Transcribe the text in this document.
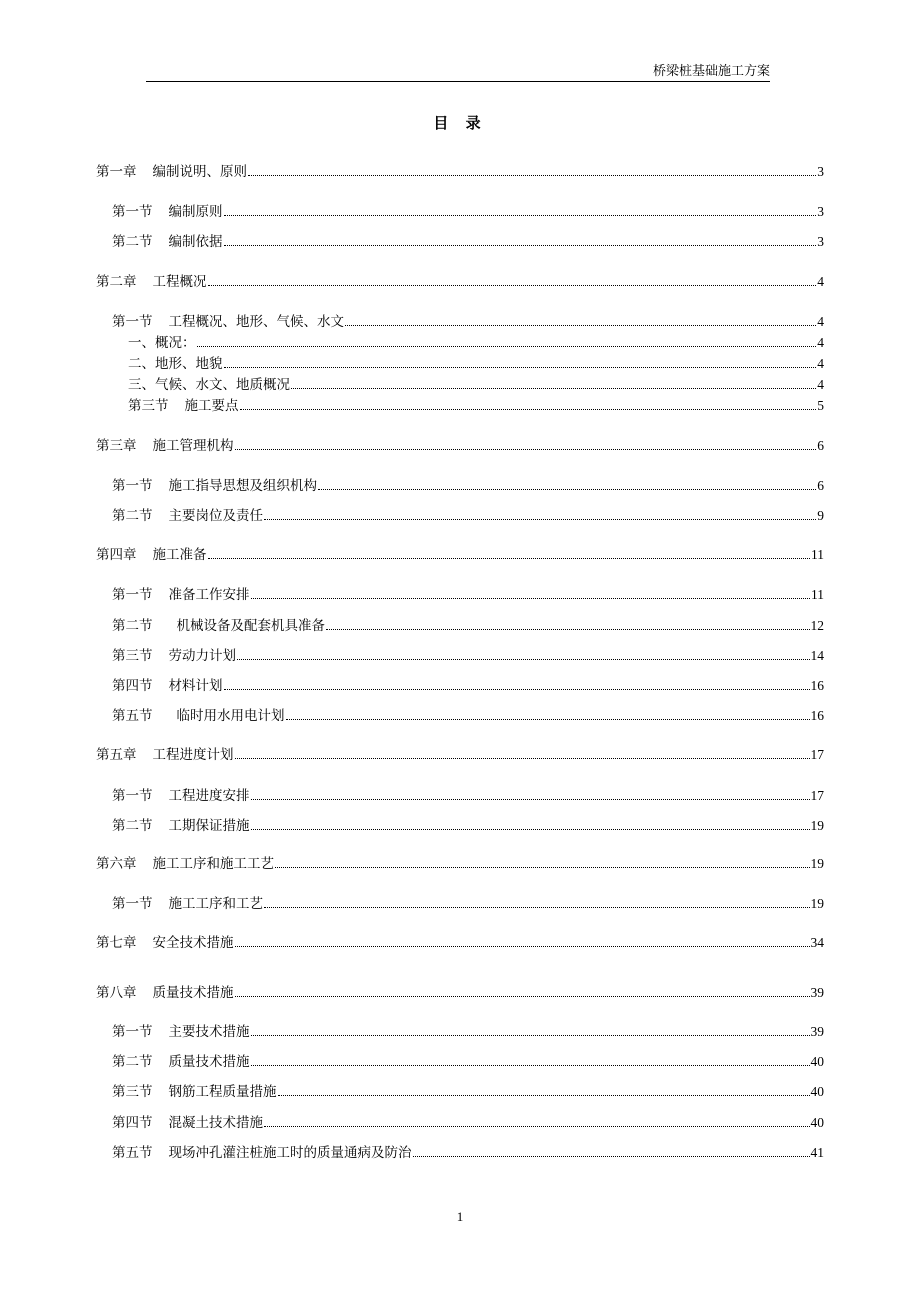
桥梁桩基础施工方案
目 录
第一章 编制说明、原则	3
第一节 编制原则	3
第二节 编制依据	3
第二章 工程概况	4
第一节 工程概况、地形、气候、水文	4
一、概况：	4
二、地形、地貌	4
三、气候、水文、地质概况	4
第三节 施工要点	5
第三章 施工管理机构	6
第一节 施工指导思想及组织机构	6
第二节 主要岗位及责任	9
第四章 施工准备	11
第一节 准备工作安排	11
第二节 机械设备及配套机具准备	12
第三节 劳动力计划	14
第四节 材料计划	16
第五节 临时用水用电计划	16
第五章 工程进度计划	17
第一节 工程进度安排	17
第二节 工期保证措施	19
第六章 施工工序和施工工艺	19
第一节 施工工序和工艺	19
第七章 安全技术措施	34
第八章 质量技术措施	39
第一节 主要技术措施	39
第二节 质量技术措施	40
第三节 钢筋工程质量措施	40
第四节 混凝土技术措施	40
第五节 现场冲孔灌注桩施工时的质量通病及防治	41
1
